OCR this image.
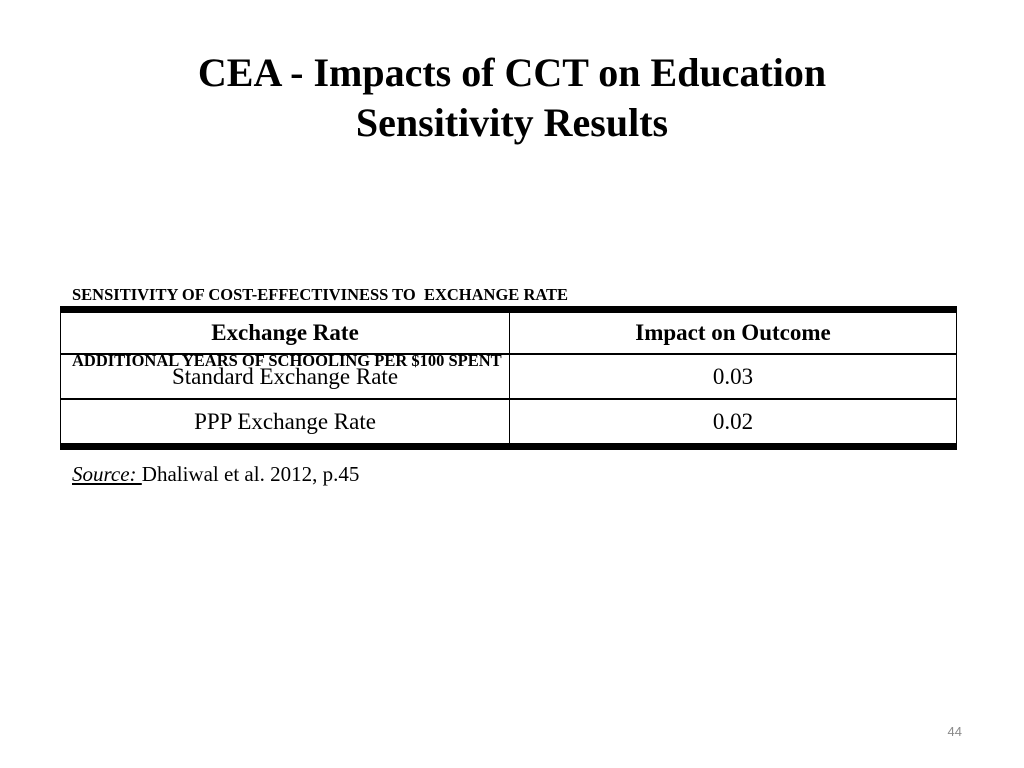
CEA - Impacts of CCT on Education
Sensitivity Results

SENSITIVITY OF COST-EFFECTIVINESS TO  EXCHANGE RATE

ADDITIONAL YEARS OF SCHOOLING PER $100 SPENT

Exchange Rate	Impact on Outcome
Standard Exchange Rate	0.03
PPP Exchange Rate	0.02
Source: Dhaliwal et al. 2012, p.45
44
